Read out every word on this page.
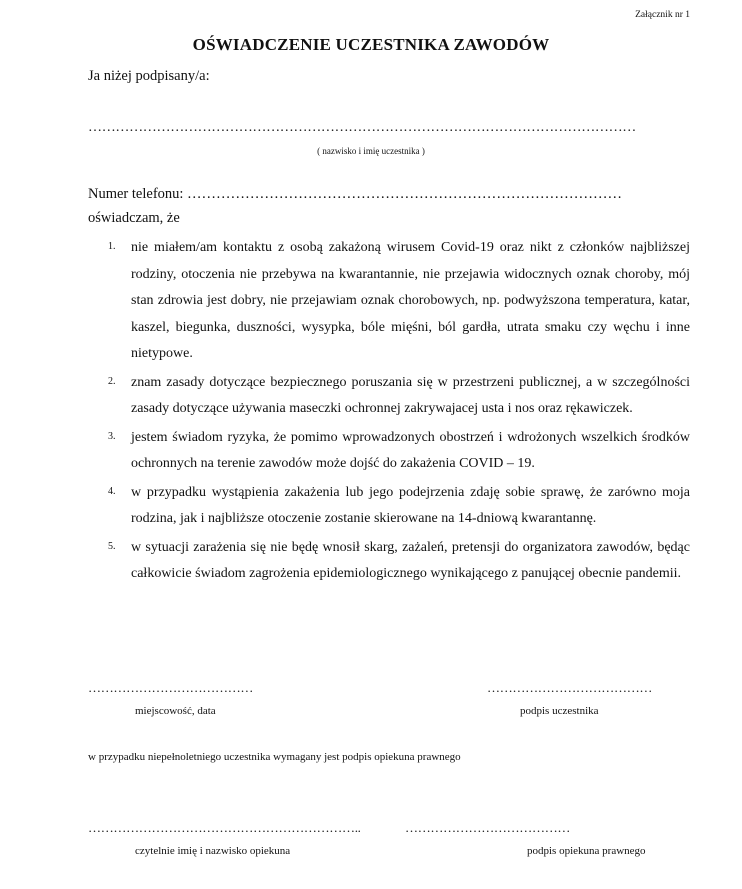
Załącznik nr 1
OŚWIADCZENIE UCZESTNIKA ZAWODÓW
Ja niżej podpisany/a:
…………………………………………………………………………………………………………
( nazwisko i imię uczestnika )
Numer telefonu: ………………………………………………………………………………
oświadczam, że
1. nie miałem/am kontaktu z osobą zakażoną wirusem Covid-19 oraz nikt z członków najbliższej rodziny, otoczenia nie przebywa na kwarantannie, nie przejawia widocznych oznak choroby, mój stan zdrowia jest dobry, nie przejawiam oznak chorobowych, np. podwyższona temperatura, katar, kaszel, biegunka, duszności, wysypka, bóle mięśni, ból gardła, utrata smaku czy węchu i inne nietypowe.
2. znam zasady dotyczące bezpiecznego poruszania się w przestrzeni publicznej, a w szczególności zasady dotyczące używania maseczki ochronnej zakrywajacej usta i nos oraz rękawiczek.
3. jestem świadom ryzyka, że pomimo wprowadzonych obostrzeń i wdrożonych wszelkich środków ochronnych na terenie zawodów może dojść do zakażenia COVID – 19.
4. w przypadku wystąpienia zakażenia lub jego podejrzenia zdaję sobie sprawę, że zarówno moja rodzina, jak i najbliższe otoczenie zostanie skierowane na 14-dniową kwarantannę.
5. w sytuacji zarażenia się nie będę wnosił skarg, zażaleń, pretensji do organizatora zawodów, będąc całkowicie świadom zagrożenia epidemiologicznego wynikającego z panującej obecnie pandemii.
…………………………………
miejscowość, data
…………………………………
podpis uczestnika
w przypadku niepełnoletniego uczestnika wymagany jest podpis opiekuna prawnego
………………………………………………………..
czytelnie imię i nazwisko opiekuna
…………………………………
podpis opiekuna prawnego
